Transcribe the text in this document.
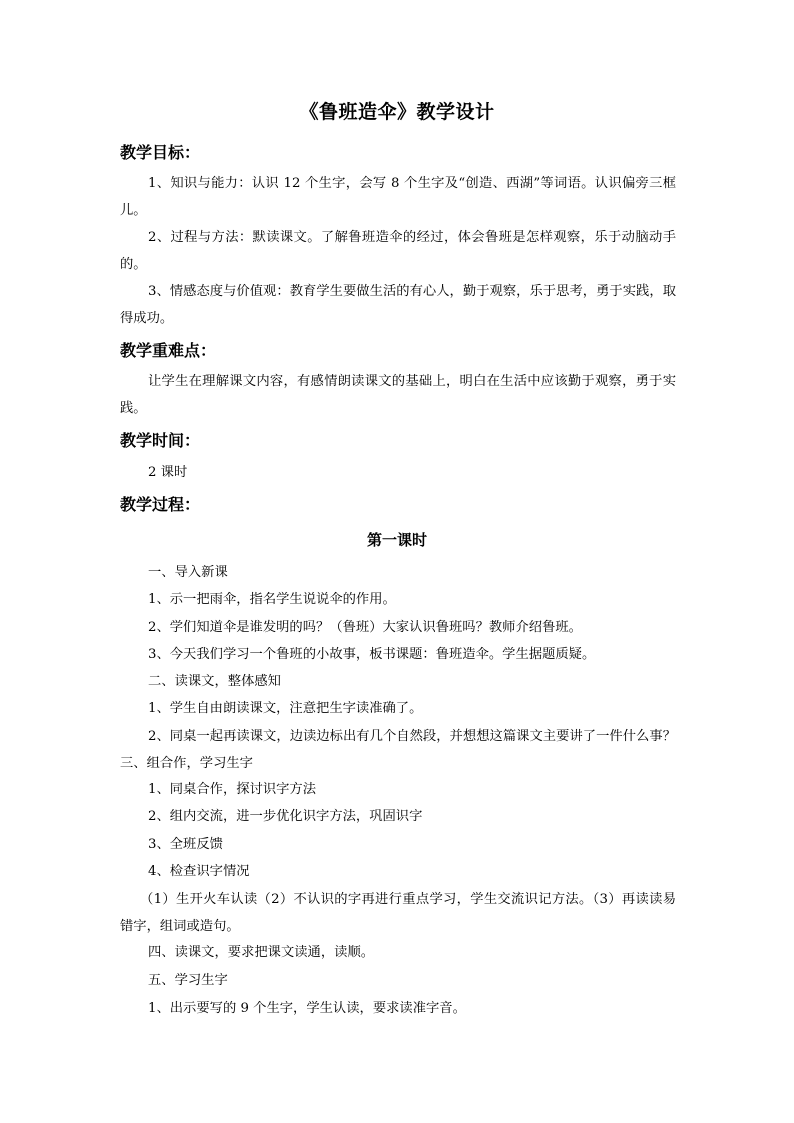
《鲁班造伞》教学设计
教学目标：
1、知识与能力：认识 12 个生字，会写 8 个生字及“创造、西湖”等词语。认识偏旁三框儿。
2、过程与方法：默读课文。了解鲁班造伞的经过，体会鲁班是怎样观察，乐于动脑动手的。
3、情感态度与价值观：教育学生要做生活的有心人，勤于观察，乐于思考，勇于实践，取得成功。
教学重难点：
让学生在理解课文内容，有感情朗读课文的基础上，明白在生活中应该勤于观察，勇于实践。
教学时间：
2 课时
教学过程：
第一课时
一、导入新课
1、示一把雨伞，指名学生说说伞的作用。
2、学们知道伞是谁发明的吗？（鲁班）大家认识鲁班吗？教师介绍鲁班。
3、今天我们学习一个鲁班的小故事，板书课题：鲁班造伞。学生据题质疑。
二、读课文，整体感知
1、学生自由朗读课文，注意把生字读准确了。
2、同桌一起再读课文，边读边标出有几个自然段，并想想这篇课文主要讲了一件什么事？三、组合作，学习生字
1、同桌合作，探讨识字方法
2、组内交流，进一步优化识字方法，巩固识字
3、全班反馈
4、检查识字情况
（1）生开火车认读（2）不认识的字再进行重点学习，学生交流识记方法。（3）再读读易错字，组词或造句。
四、读课文，要求把课文读通，读顺。
五、学习生字
1、出示要写的 9 个生字，学生认读，要求读准字音。
